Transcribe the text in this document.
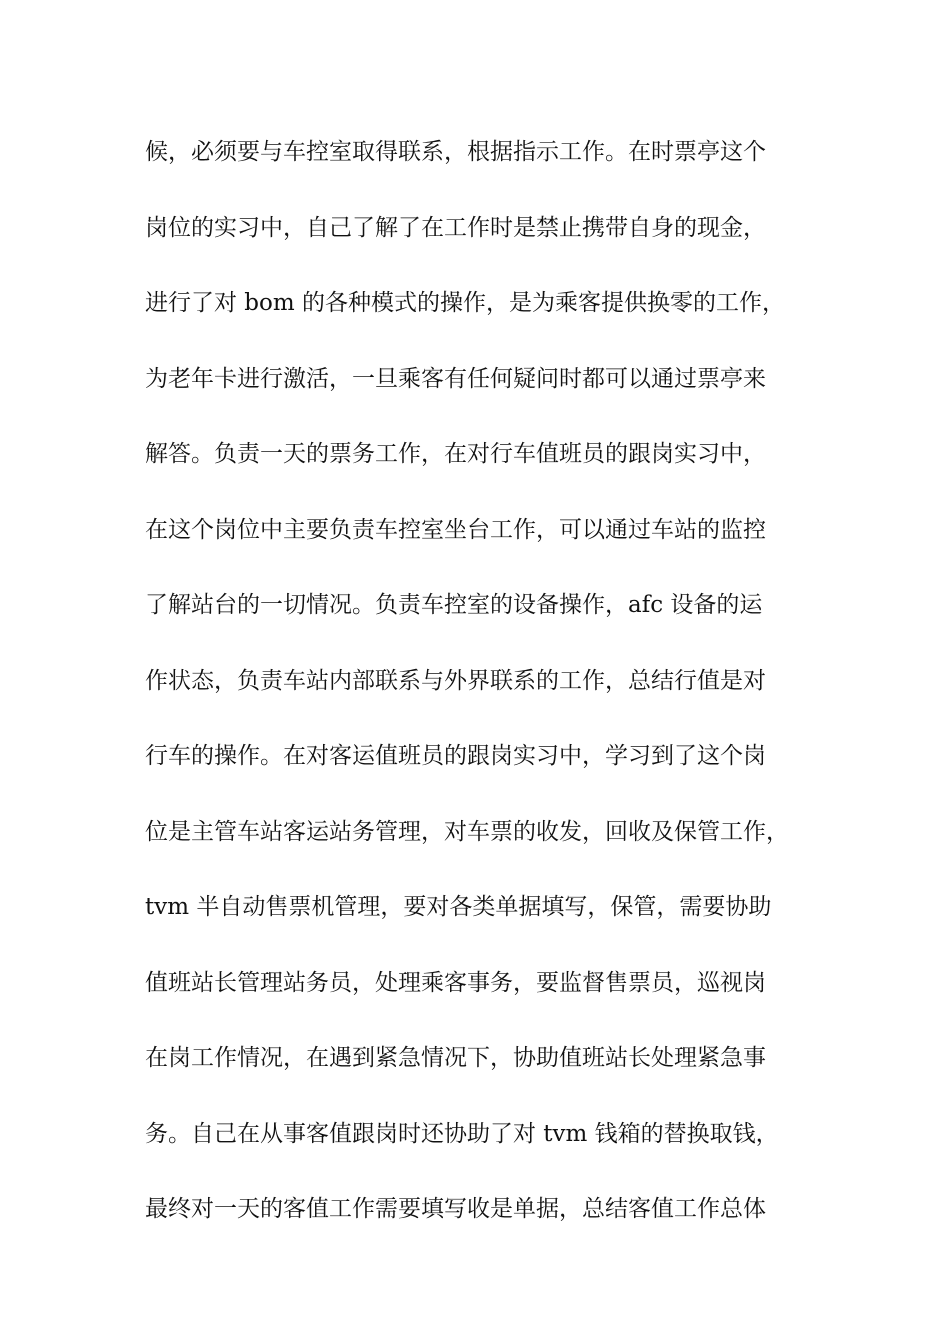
候，必须要与车控室取得联系，根据指示工作。在时票亭这个
岗位的实习中，自己了解了在工作时是禁止携带自身的现金，
进行了对 bom 的各种模式的操作，是为乘客提供换零的工作，
为老年卡进行激活，一旦乘客有任何疑问时都可以通过票亭来
解答。负责一天的票务工作，在对行车值班员的跟岗实习中，
在这个岗位中主要负责车控室坐台工作，可以通过车站的监控
了解站台的一切情况。负责车控室的设备操作，afc 设备的运
作状态，负责车站内部联系与外界联系的工作，总结行值是对
行车的操作。在对客运值班员的跟岗实习中，学习到了这个岗
位是主管车站客运站务管理，对车票的收发，回收及保管工作，
tvm 半自动售票机管理，要对各类单据填写，保管，需要协助
值班站长管理站务员，处理乘客事务，要监督售票员，巡视岗
在岗工作情况，在遇到紧急情况下，协助值班站长处理紧急事
务。自己在从事客值跟岗时还协助了对 tvm 钱箱的替换取钱，
最终对一天的客值工作需要填写收是单据，总结客值工作总体
